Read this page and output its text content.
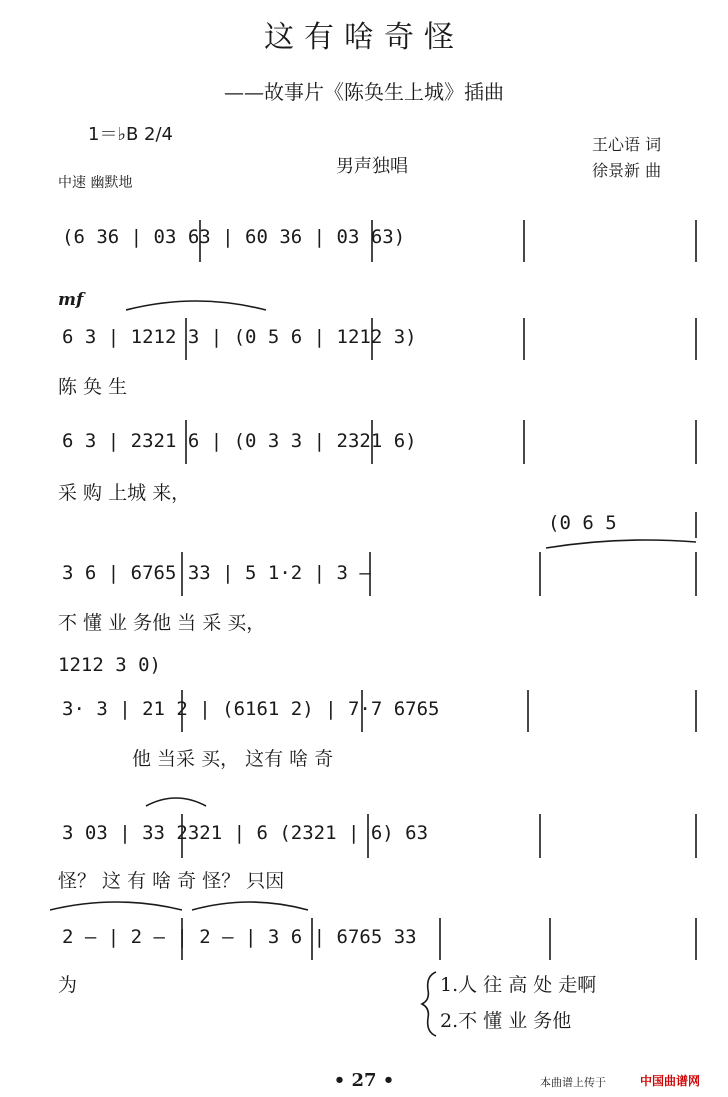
这有啥奇怪
——故事片《陈奂生上城》插曲
1＝♭B 2/4
中速 幽默地
男声独唱
王心语 词
徐景新 曲
(6 36 | 03 63 | 60 36 | 03 63)
mf
6 3 | 1212 3 | (0 5 6 | 1212 3)
陈 奂 生
6 3 | 2321 6 | (0 3 3 | 2321 6)
采 购 上城 来，
(0 6 5
3 6 | 6765 33 | 5 1·2 | 3 —
不 懂 业 务他 当 采 买，
1212 3 0)
3· 3 | 21 2 | (6161 2) | 7·7 6765
他 当采 买， 这有 啥 奇
3 03 | 33 2321 | 6 (2321 | 6) 63
怪？ 这 有 啥 奇 怪？ 只因
2 — | 2 — | 2 — | 3 6 | 6765 33
为	1.人 往 高 处 走啊
2.不 懂 业 务他
• 27 •	本曲谱上传于	中国曲谱网
